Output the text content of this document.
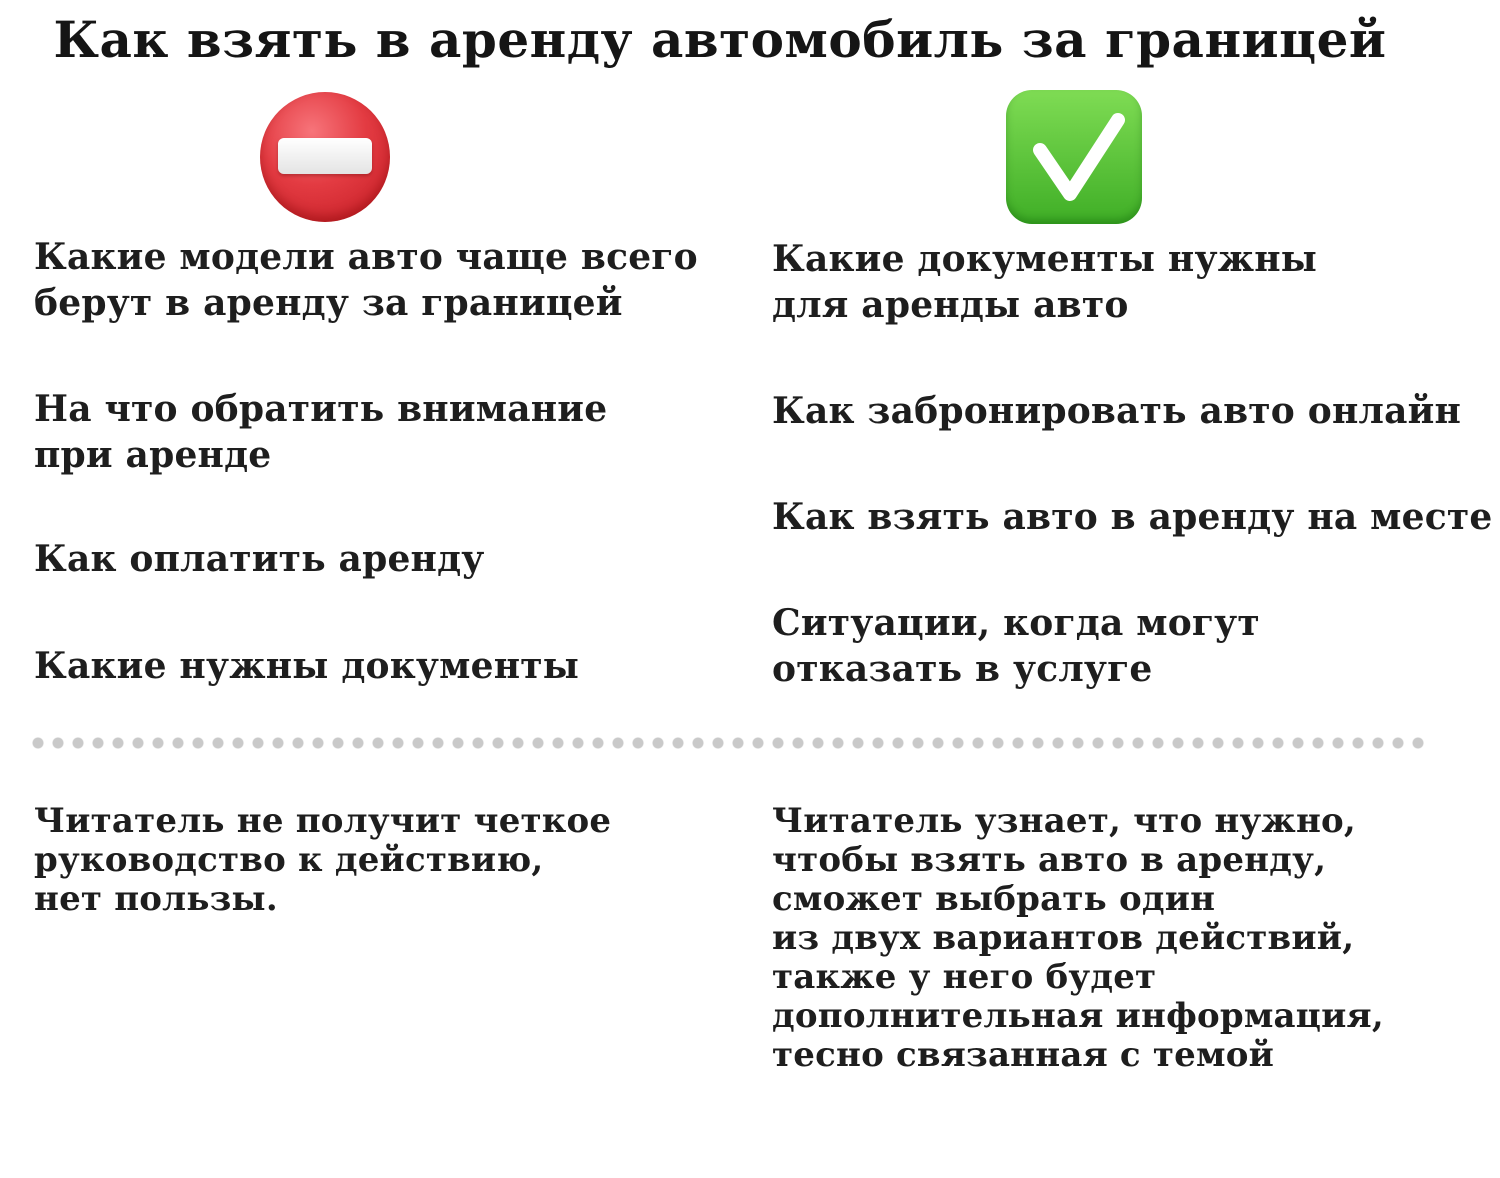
Как взять в аренду автомобиль за границей
Какие модели авто чаще всего
берут в аренду за границей
На что обратить внимание
при аренде
Как оплатить аренду
Какие нужны документы
Какие документы нужны
для аренды авто
Как забронировать авто онлайн
Как взять авто в аренду на месте
Ситуации, когда могут
отказать в услуге
Читатель не получит четкое
руководство к действию,
нет пользы.
Читатель узнает, что нужно,
чтобы взять авто в аренду,
сможет выбрать один
из двух вариантов действий,
также у него будет
дополнительная информация,
тесно связанная с темой
